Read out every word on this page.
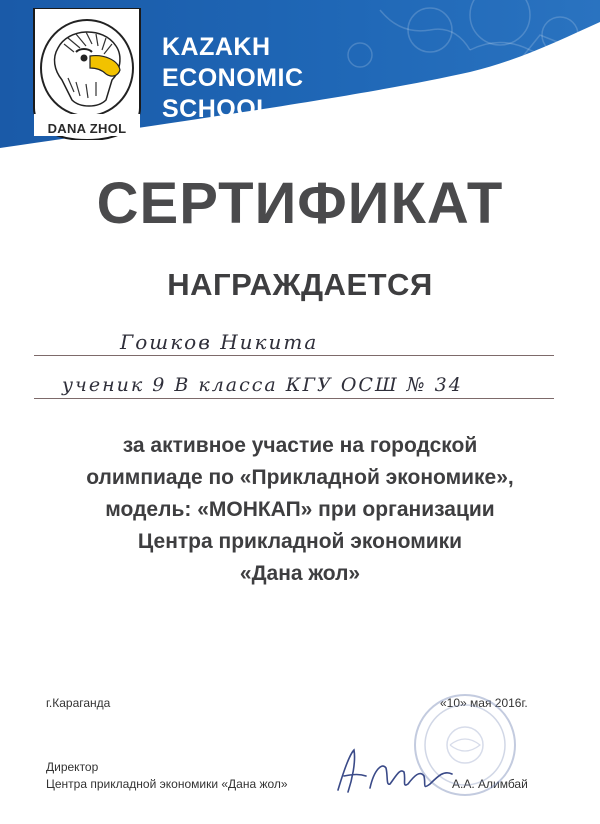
DANA ZHOL
KAZAKH
ECONOMIC
SCHOOL
СЕРТИФИКАТ
НАГРАЖДАЕТСЯ
Гошков Никита
ученик 9 В класса КГУ ОСШ № 34
за активное участие на городской
олимпиаде по «Прикладной экономике»,
модель: «МОНКАП» при организации
Центра прикладной экономики
«Дана жол»
г.Караганда	«10» мая 2016г.
Директор
Центра прикладной экономики «Дана жол»	А.А. Алимбай
